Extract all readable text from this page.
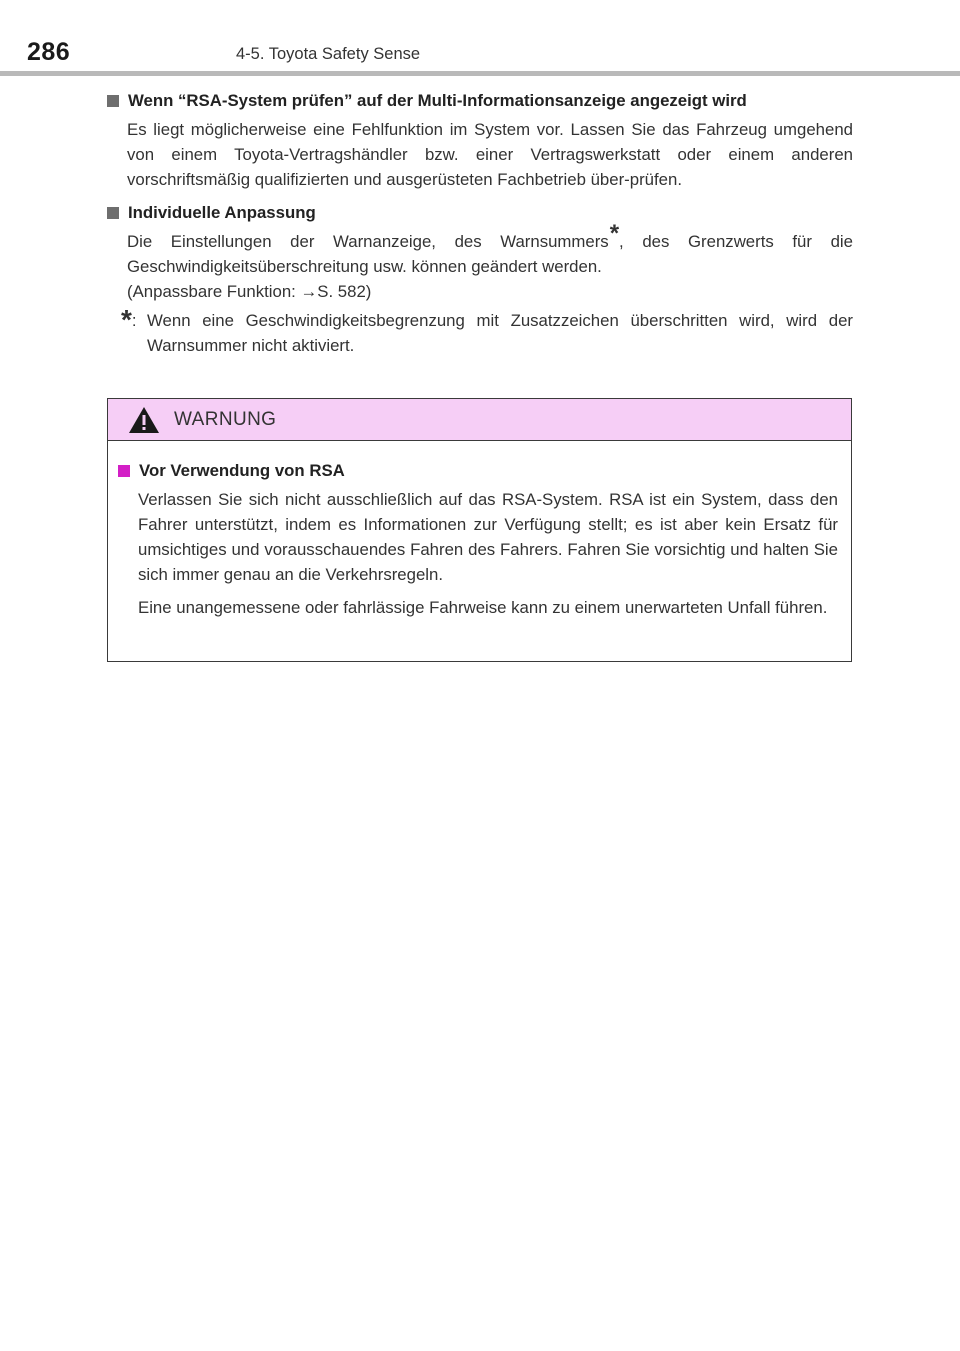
286	4-5. Toyota Safety Sense

Wenn “RSA-System prüfen” auf der Multi-Informationsanzeige angezeigt wird

Es liegt möglicherweise eine Fehlfunktion im System vor. Lassen Sie das Fahrzeug umgehend von einem Toyota-Vertragshändler bzw. einer Vertragswerkstatt oder einem anderen vorschriftsmäßig qualifizierten und ausgerüsteten Fachbetrieb über-prüfen.

Individuelle Anpassung

Die Einstellungen der Warnanzeige, des Warnsummers*, des Grenzwerts für die Geschwindigkeitsüberschreitung usw. können geändert werden.
(Anpassbare Funktion: →S. 582)

*: Wenn eine Geschwindigkeitsbegrenzung mit Zusatzzeichen überschritten wird, wird der Warnsummer nicht aktiviert.
WARNUNG

Vor Verwendung von RSA

Verlassen Sie sich nicht ausschließlich auf das RSA-System. RSA ist ein System, dass den Fahrer unterstützt, indem es Informationen zur Verfügung stellt; es ist aber kein Ersatz für umsichtiges und vorausschauendes Fahren des Fahrers. Fahren Sie vorsichtig und halten Sie sich immer genau an die Verkehrsregeln.

Eine unangemessene oder fahrlässige Fahrweise kann zu einem unerwarteten Unfall führen.
